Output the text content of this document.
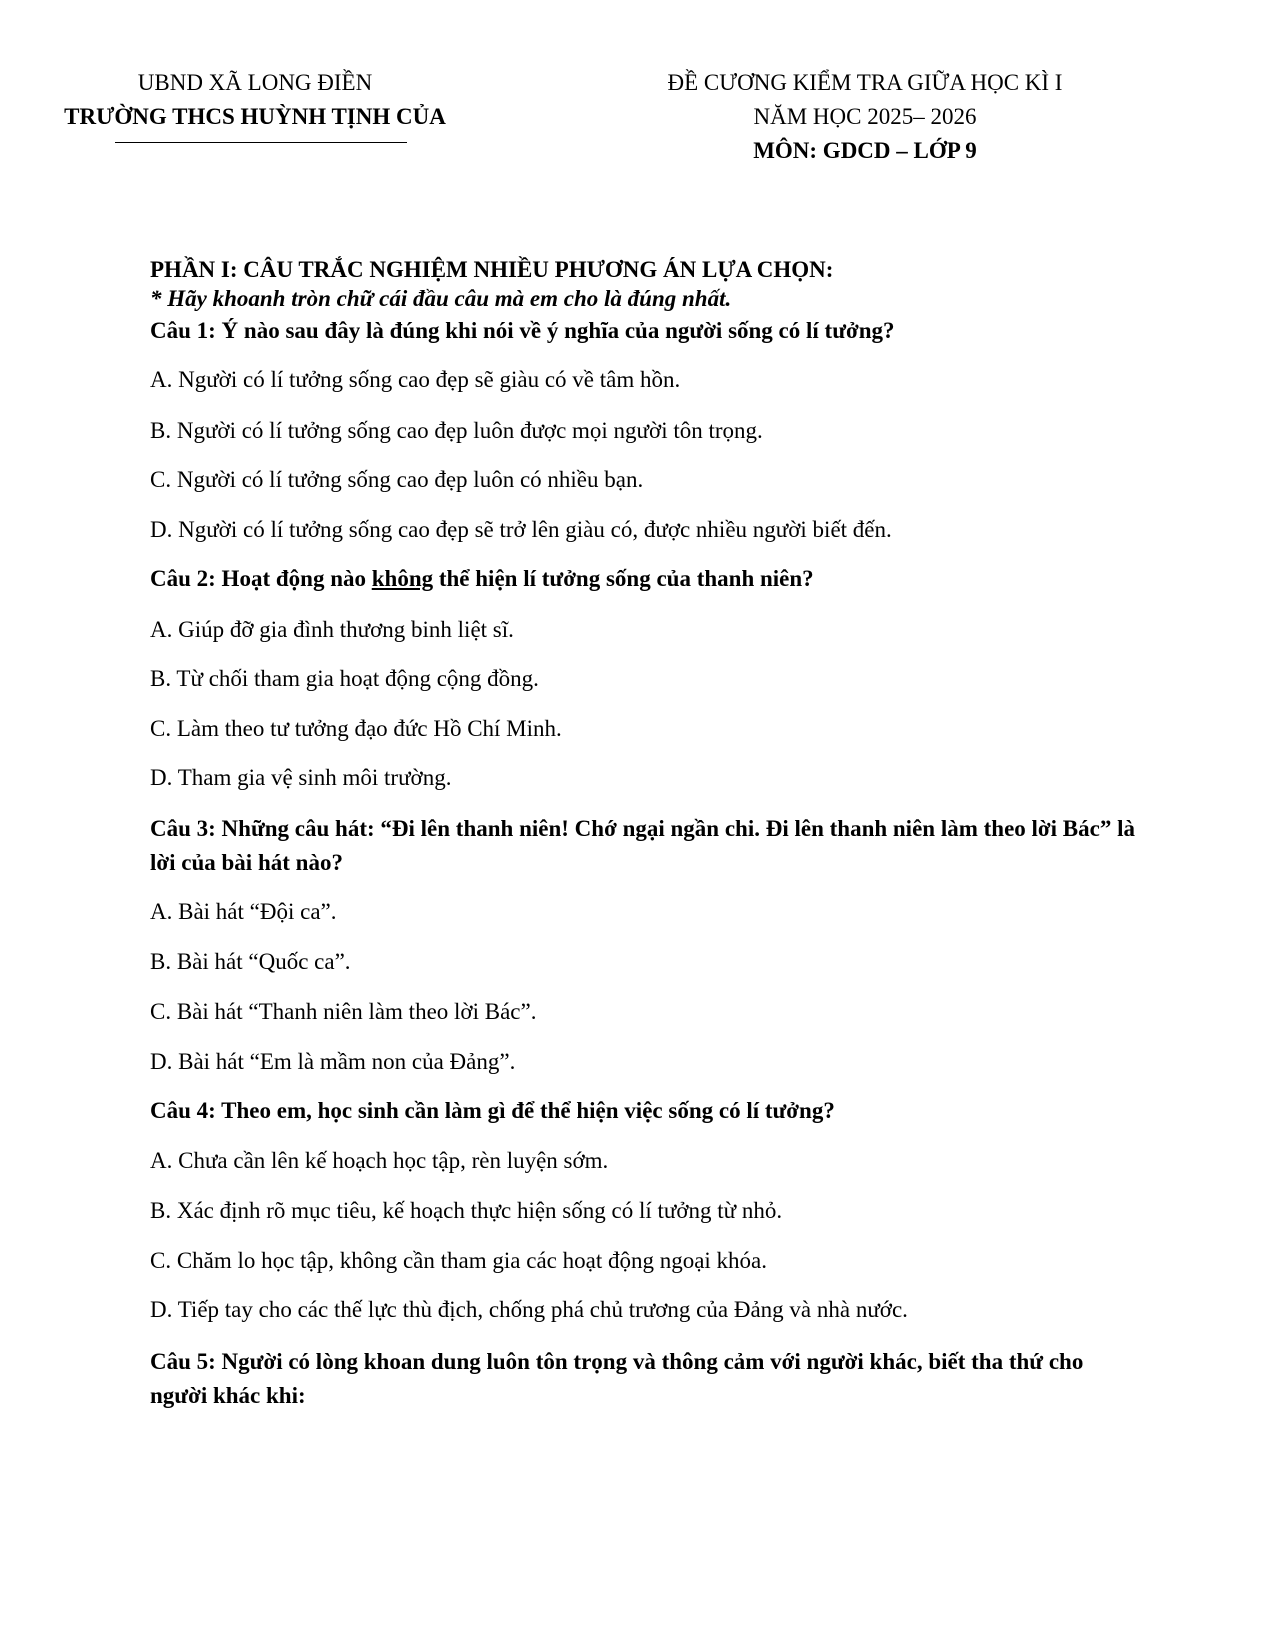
UBND XÃ LONG ĐIỀN
TRƯỜNG THCS HUỲNH TỊNH CỦA
ĐỀ CƯƠNG KIỂM TRA GIỮA HỌC KÌ I
NĂM HỌC 2025– 2026
MÔN: GDCD – LỚP 9
PHẦN I: CÂU TRẮC NGHIỆM NHIỀU PHƯƠNG ÁN LỰA CHỌN:
* Hãy khoanh tròn chữ cái đầu câu mà em cho là đúng nhất.
Câu 1: Ý nào sau đây là đúng khi nói về ý nghĩa của người sống có lí tưởng?
A. Người có lí tưởng sống cao đẹp sẽ giàu có về tâm hồn.
B. Người có lí tưởng sống cao đẹp luôn được mọi người tôn trọng.
C. Người có lí tưởng sống cao đẹp luôn có nhiều bạn.
D. Người có lí tưởng sống cao đẹp sẽ trở lên giàu có, được nhiều người biết đến.
Câu 2: Hoạt động nào không thể hiện lí tưởng sống của thanh niên?
A. Giúp đỡ gia đình thương binh liệt sĩ.
B. Từ chối tham gia hoạt động cộng đồng.
C. Làm theo tư tưởng đạo đức Hồ Chí Minh.
D. Tham gia vệ sinh môi trường.
Câu 3: Những câu hát: “Đi lên thanh niên! Chớ ngại ngần chi. Đi lên thanh niên làm theo lời Bác” là lời của bài hát nào?
A. Bài hát “Đội ca”.
B. Bài hát “Quốc ca”.
C. Bài hát “Thanh niên làm theo lời Bác”.
D. Bài hát “Em là mầm non của Đảng”.
Câu 4: Theo em, học sinh cần làm gì để thể hiện việc sống có lí tưởng?
A. Chưa cần lên kế hoạch học tập, rèn luyện sớm.
B. Xác định rõ mục tiêu, kế hoạch thực hiện sống có lí tưởng từ nhỏ.
C. Chăm lo học tập, không cần tham gia các hoạt động ngoại khóa.
D. Tiếp tay cho các thế lực thù địch, chống phá chủ trương của Đảng và nhà nước.
Câu 5: Người có lòng khoan dung luôn tôn trọng và thông cảm với người khác, biết tha thứ cho người khác khi:
